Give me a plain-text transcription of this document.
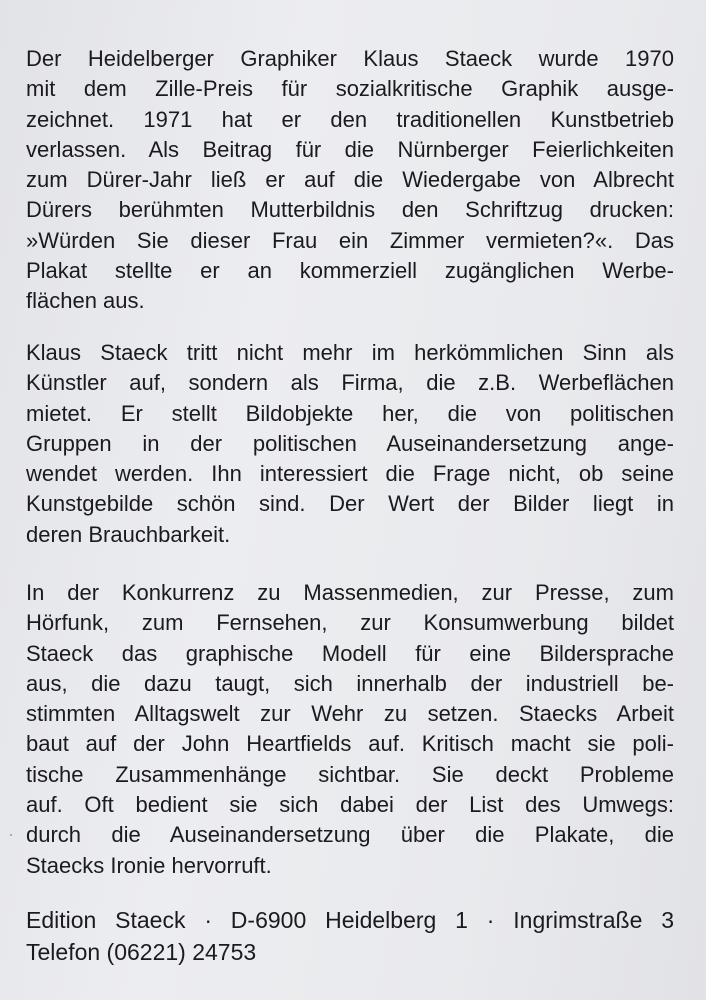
Der Heidelberger Graphiker Klaus Staeck wurde 1970
mit dem Zille-Preis für sozialkritische Graphik ausge-
zeichnet. 1971 hat er den traditionellen Kunstbetrieb
verlassen. Als Beitrag für die Nürnberger Feierlichkeiten
zum Dürer-Jahr ließ er auf die Wiedergabe von Albrecht
Dürers berühmten Mutterbildnis den Schriftzug drucken:
»Würden Sie dieser Frau ein Zimmer vermieten?«. Das
Plakat stellte er an kommerziell zugänglichen Werbe-
flächen aus.

Klaus Staeck tritt nicht mehr im herkömmlichen Sinn als
Künstler auf, sondern als Firma, die z.B. Werbeflächen
mietet. Er stellt Bildobjekte her, die von politischen
Gruppen in der politischen Auseinandersetzung ange-
wendet werden. Ihn interessiert die Frage nicht, ob seine
Kunstgebilde schön sind. Der Wert der Bilder liegt in
deren Brauchbarkeit.

In der Konkurrenz zu Massenmedien, zur Presse, zum
Hörfunk, zum Fernsehen, zur Konsumwerbung bildet
Staeck das graphische Modell für eine Bildersprache
aus, die dazu taugt, sich innerhalb der industriell be-
stimmten Alltagswelt zur Wehr zu setzen. Staecks Arbeit
baut auf der John Heartfields auf. Kritisch macht sie poli-
tische Zusammenhänge sichtbar. Sie deckt Probleme
auf. Oft bedient sie sich dabei der List des Umwegs:
durch die Auseinandersetzung über die Plakate, die
Staecks Ironie hervorruft.

Edition Staeck · D-6900 Heidelberg 1 · Ingrimstraße 3
Telefon (06221) 24753
